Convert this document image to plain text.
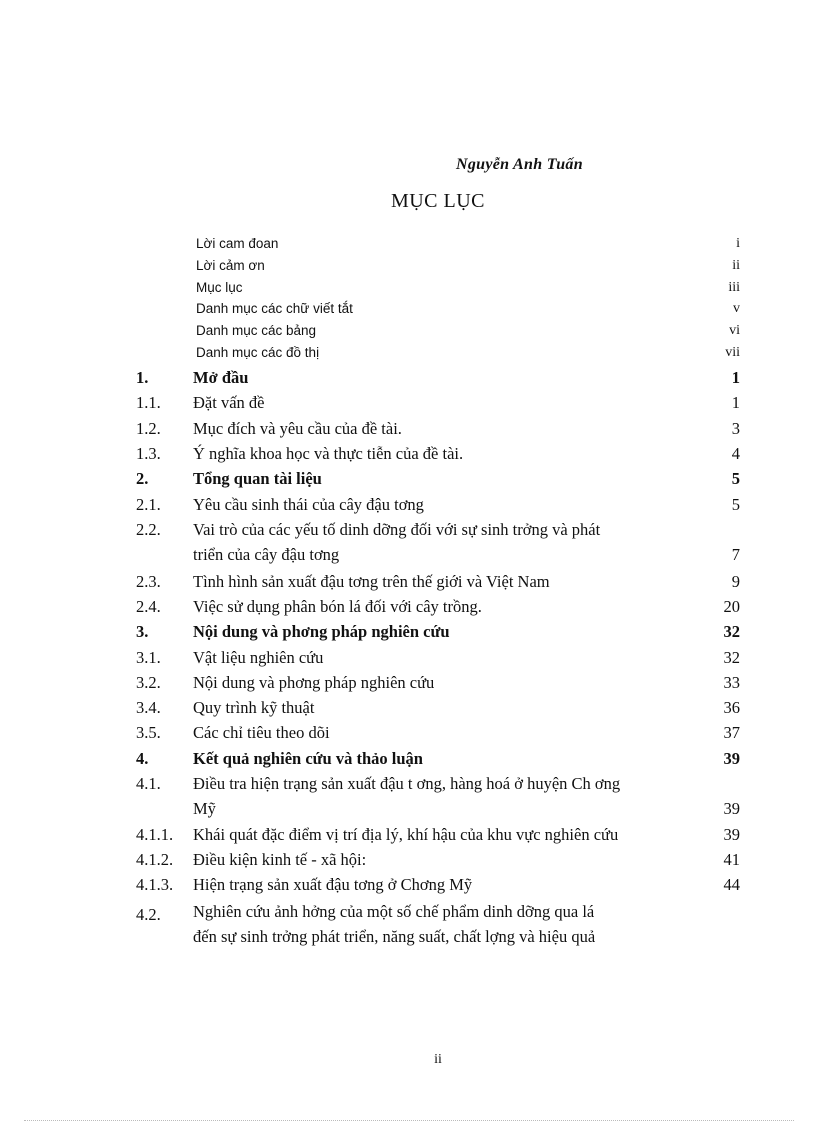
Nguyễn Anh Tuấn
MỤC LỤC
Lời cam đoan	i
Lời cảm ơn	ii
Mục lục	iii
Danh mục các chữ viết tắt	v
Danh mục các bảng	vi
Danh mục các đồ thị	vii
1.	Mở đầu	1
1.1. Đặt vấn đề	1
1.2. Mục đích và yêu cầu của đề tài.	3
1.3. Ý nghĩa khoa học và thực tiễn của đề tài.	4
2.	Tổng quan tài liệu	5
2.1. Yêu cầu sinh thái của cây đậu tơng	5
2.2. Vai trò của các yếu tố dinh dỡng đối với sự sinh trởng và phát
triển của cây đậu tơng	7
2.3. Tình hình sản xuất đậu tơng trên thế giới và Việt Nam	9
2.4. Việc sử dụng phân bón lá đối với cây trồng.	20
3.	Nội dung và phơng pháp nghiên cứu	32
3.1. Vật liệu nghiên cứu	32
3.2. Nội dung và phơng pháp nghiên cứu	33
3.4. Quy trình kỹ thuật	36
3.5. Các chỉ tiêu theo dõi	37
4.	Kết quả nghiên cứu và thảo luận	39
4.1. Điều tra hiện trạng sản xuất đậu t ơng, hàng hoá ở huyện Ch ơng
Mỹ	39
4.1.1. Khái quát đặc điểm vị trí địa lý, khí hậu của khu vực nghiên cứu	39
4.1.2. Điều kiện kinh tế - xã hội:	41
4.1.3. Hiện trạng sản xuất đậu tơng ở Chơng Mỹ	44
4.2. Nghiên cứu ảnh hởng của một số chế phẩm dinh dỡng qua lá
đến sự sinh trởng phát triển, năng suất, chất lợng và hiệu quả
ii
